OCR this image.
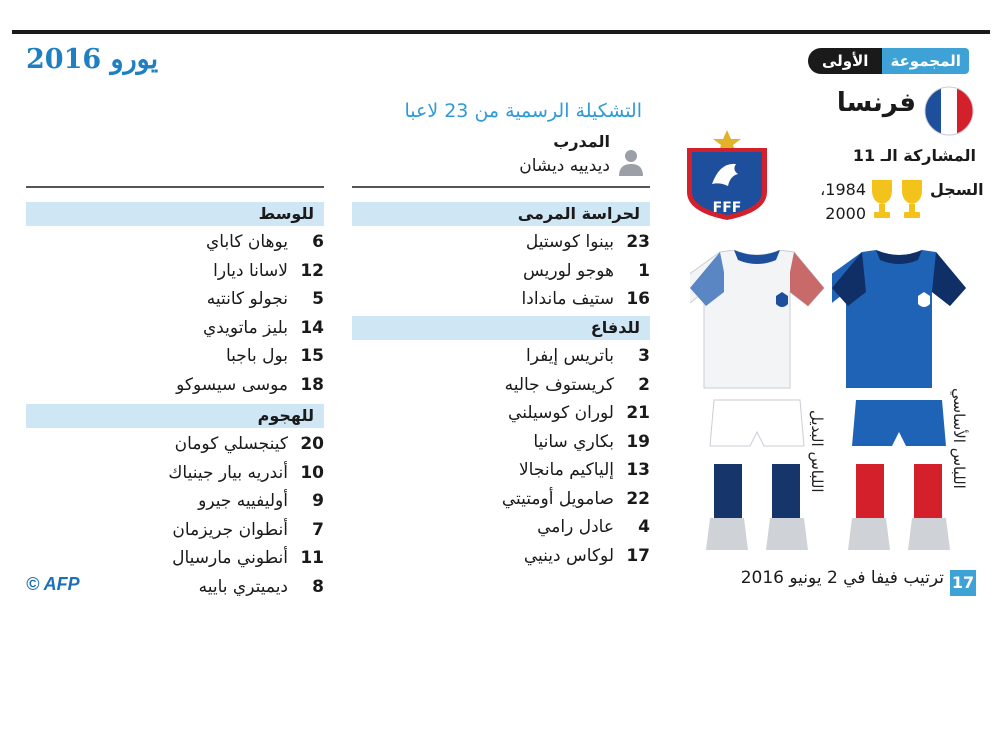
يورو 2016	المجموعة
الأولى
فرنسا
المشاركة الـ 11
السجل
1984،
2000
FFF
التشكيلة الرسمية من 23 لاعبا
المدرب
ديدييه ديشان
لحراسة المرمى
23
بينوا كوستيل
1
هوجو لوريس
16
ستيف ماندادا
للدفاع
3
باتريس إيفرا
2
كريستوف جاليه
21
لوران كوسيلني
19
بكاري سانيا
13
إلياكيم مانجالا
22
صامويل أومتيتي
4
عادل رامي
17
لوكاس دينيي
للوسط
6
يوهان كاباي
12
لاسانا ديارا
5
نجولو كانتيه
14
بليز ماتويدي
15
بول باجبا
18
موسى سيسوكو
للهجوم
20
كينجسلي كومان
10
أندريه بيار جينياك
9
أوليفييه جيرو
7
أنطوان جريزمان
11
أنطوني مارسيال
8
ديميتري باييه
اللباس الأساسي
اللباس البديل
17
ترتيب فيفا في 2 يونيو 2016
© AFP
